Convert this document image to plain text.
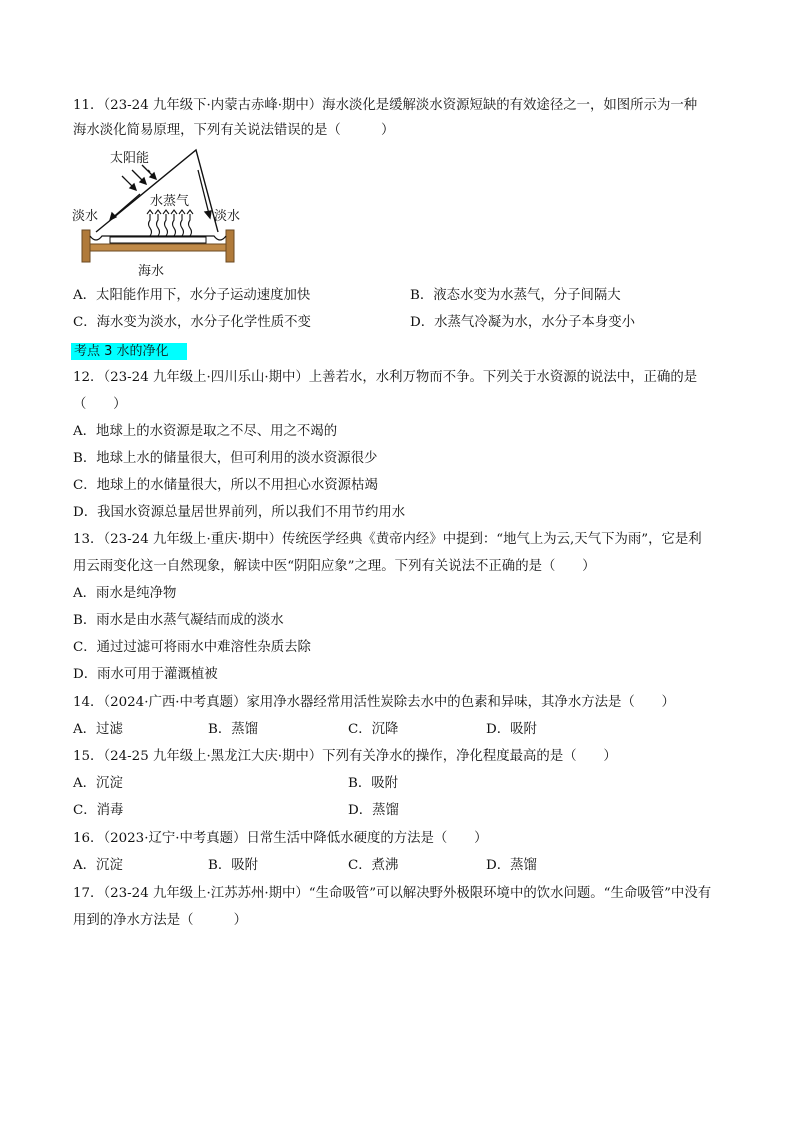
11．（23-24 九年级下·内蒙古赤峰·期中）海水淡化是缓解淡水资源短缺的有效途径之一，如图所示为一种
海水淡化简易原理，下列有关说法错误的是（　　　）
太阳能
水蒸气
淡水	淡水
海水
A．太阳能作用下，水分子运动速度加快	B．液态水变为水蒸气，分子间隔大
C．海水变为淡水，水分子化学性质不变	D．水蒸气冷凝为水，水分子本身变小
考点 3 水的净化
12．（23-24 九年级上·四川乐山·期中）上善若水，水利万物而不争。下列关于水资源的说法中，正确的是
（　　）
A．地球上的水资源是取之不尽、用之不竭的
B．地球上水的储量很大，但可利用的淡水资源很少
C．地球上的水储量很大，所以不用担心水资源枯竭
D．我国水资源总量居世界前列，所以我们不用节约用水
13．（23-24 九年级上·重庆·期中）传统医学经典《黄帝内经》中提到：“地气上为云,天气下为雨”，它是利
用云雨变化这一自然现象，解读中医“阴阳应象”之理。下列有关说法不正确的是（　　）
A．雨水是纯净物
B．雨水是由水蒸气凝结而成的淡水
C．通过过滤可将雨水中难溶性杂质去除
D．雨水可用于灌溉植被
14．（2024·广西·中考真题）家用净水器经常用活性炭除去水中的色素和异味，其净水方法是（　　）
A．过滤	B．蒸馏	C．沉降	D．吸附
15．（24-25 九年级上·黑龙江大庆·期中）下列有关净水的操作，净化程度最高的是（　　）
A．沉淀	B．吸附
C．消毒	D．蒸馏
16．（2023·辽宁·中考真题）日常生活中降低水硬度的方法是（　　）
A．沉淀	B．吸附	C．煮沸	D．蒸馏
17．（23-24 九年级上·江苏苏州·期中）“生命吸管”可以解决野外极限环境中的饮水问题。“生命吸管”中没有
用到的净水方法是（　　　）
